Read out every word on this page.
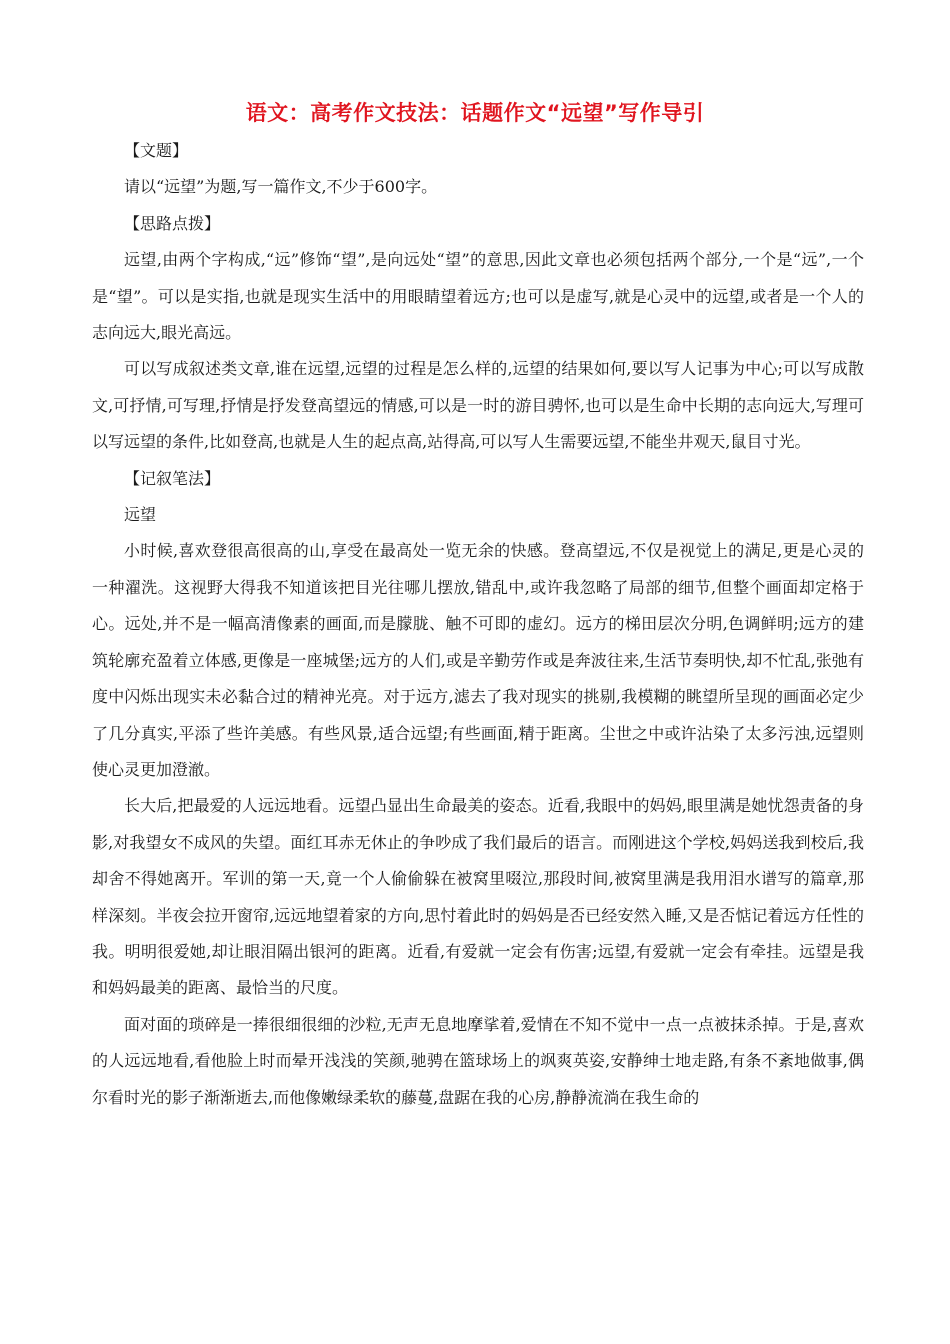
语文：高考作文技法：话题作文“远望”写作导引

【文题】

请以“远望”为题,写一篇作文,不少于600字。

【思路点拨】

远望,由两个字构成,“远”修饰“望”,是向远处“望”的意思,因此文章也必须包括两个部分,一个是“远”,一个是“望”。可以是实指,也就是现实生活中的用眼睛望着远方;也可以是虚写,就是心灵中的远望,或者是一个人的志向远大,眼光高远。

可以写成叙述类文章,谁在远望,远望的过程是怎么样的,远望的结果如何,要以写人记事为中心;可以写成散文,可抒情,可写理,抒情是抒发登高望远的情感,可以是一时的游目骋怀,也可以是生命中长期的志向远大,写理可以写远望的条件,比如登高,也就是人生的起点高,站得高,可以写人生需要远望,不能坐井观天,鼠目寸光。

【记叙笔法】

远望

小时候,喜欢登很高很高的山,享受在最高处一览无余的快感。登高望远,不仅是视觉上的满足,更是心灵的一种濯洗。这视野大得我不知道该把目光往哪儿摆放,错乱中,或许我忽略了局部的细节,但整个画面却定格于心。远处,并不是一幅高清像素的画面,而是朦胧、触不可即的虚幻。远方的梯田层次分明,色调鲜明;远方的建筑轮廓充盈着立体感,更像是一座城堡;远方的人们,或是辛勤劳作或是奔波往来,生活节奏明快,却不忙乱,张弛有度中闪烁出现实未必黏合过的精神光亮。对于远方,滤去了我对现实的挑剔,我模糊的眺望所呈现的画面必定少了几分真实,平添了些许美感。有些风景,适合远望;有些画面,精于距离。尘世之中或许沾染了太多污浊,远望则使心灵更加澄澈。

长大后,把最爱的人远远地看。远望凸显出生命最美的姿态。近看,我眼中的妈妈,眼里满是她忧怨责备的身影,对我望女不成风的失望。面红耳赤无休止的争吵成了我们最后的语言。而刚进这个学校,妈妈送我到校后,我却舍不得她离开。军训的第一天,竟一个人偷偷躲在被窝里啜泣,那段时间,被窝里满是我用泪水谱写的篇章,那样深刻。半夜会拉开窗帘,远远地望着家的方向,思忖着此时的妈妈是否已经安然入睡,又是否惦记着远方任性的我。明明很爱她,却让眼泪隔出银河的距离。近看,有爱就一定会有伤害;远望,有爱就一定会有牵挂。远望是我和妈妈最美的距离、最恰当的尺度。

面对面的琐碎是一捧很细很细的沙粒,无声无息地摩挲着,爱情在不知不觉中一点一点被抹杀掉。于是,喜欢的人远远地看,看他脸上时而晕开浅浅的笑颜,驰骋在篮球场上的飒爽英姿,安静绅士地走路,有条不紊地做事,偶尔看时光的影子渐渐逝去,而他像嫩绿柔软的藤蔓,盘踞在我的心房,静静流淌在我生命的
